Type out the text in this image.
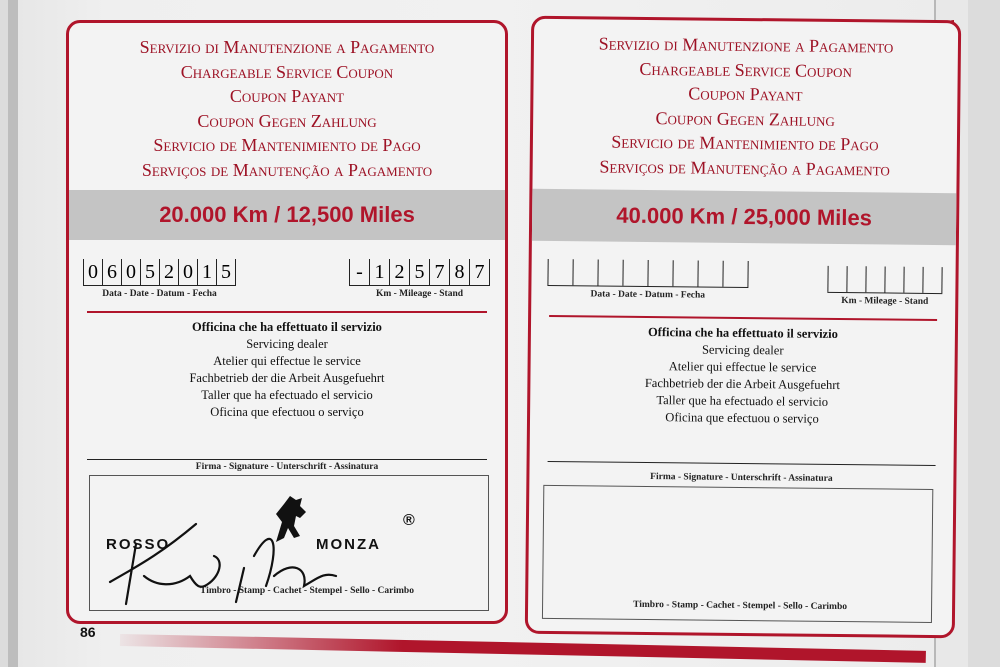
Servizio di Manutenzione a Pagamento
Chargeable Service Coupon
Coupon Payant
Coupon Gegen Zahlung
Servicio de Mantenimiento de Pago
Serviços de Manutenção a Pagamento
20.000 Km / 12,500 Miles
0 6 0 5 2 0 1 5
Data - Date - Datum - Fecha
- 1 2 5 7 8 7
Km - Mileage - Stand
Officina che ha effettuato il servizio
Servicing dealer
Atelier qui effectue le service
Fachbetrieb der die Arbeit Ausgefuehrt
Taller que ha efectuado el servicio
Oficina que efectuou o serviço
Firma - Signature - Unterschrift - Assinatura
Timbro - Stamp - Cachet - Stempel - Sello - Carimbo
ROSSO	MONZA
®
Servizio di Manutenzione a Pagamento
Chargeable Service Coupon
Coupon Payant
Coupon Gegen Zahlung
Servicio de Mantenimiento de Pago
Serviços de Manutenção a Pagamento
40.000 Km / 25,000 Miles
Data - Date - Datum - Fecha
Km - Mileage - Stand
Officina che ha effettuato il servizio
Servicing dealer
Atelier qui effectue le service
Fachbetrieb der die Arbeit Ausgefuehrt
Taller que ha efectuado el servicio
Oficina que efectuou o serviço
Firma - Signature - Unterschrift - Assinatura
Timbro - Stamp - Cachet - Stempel - Sello - Carimbo
86
